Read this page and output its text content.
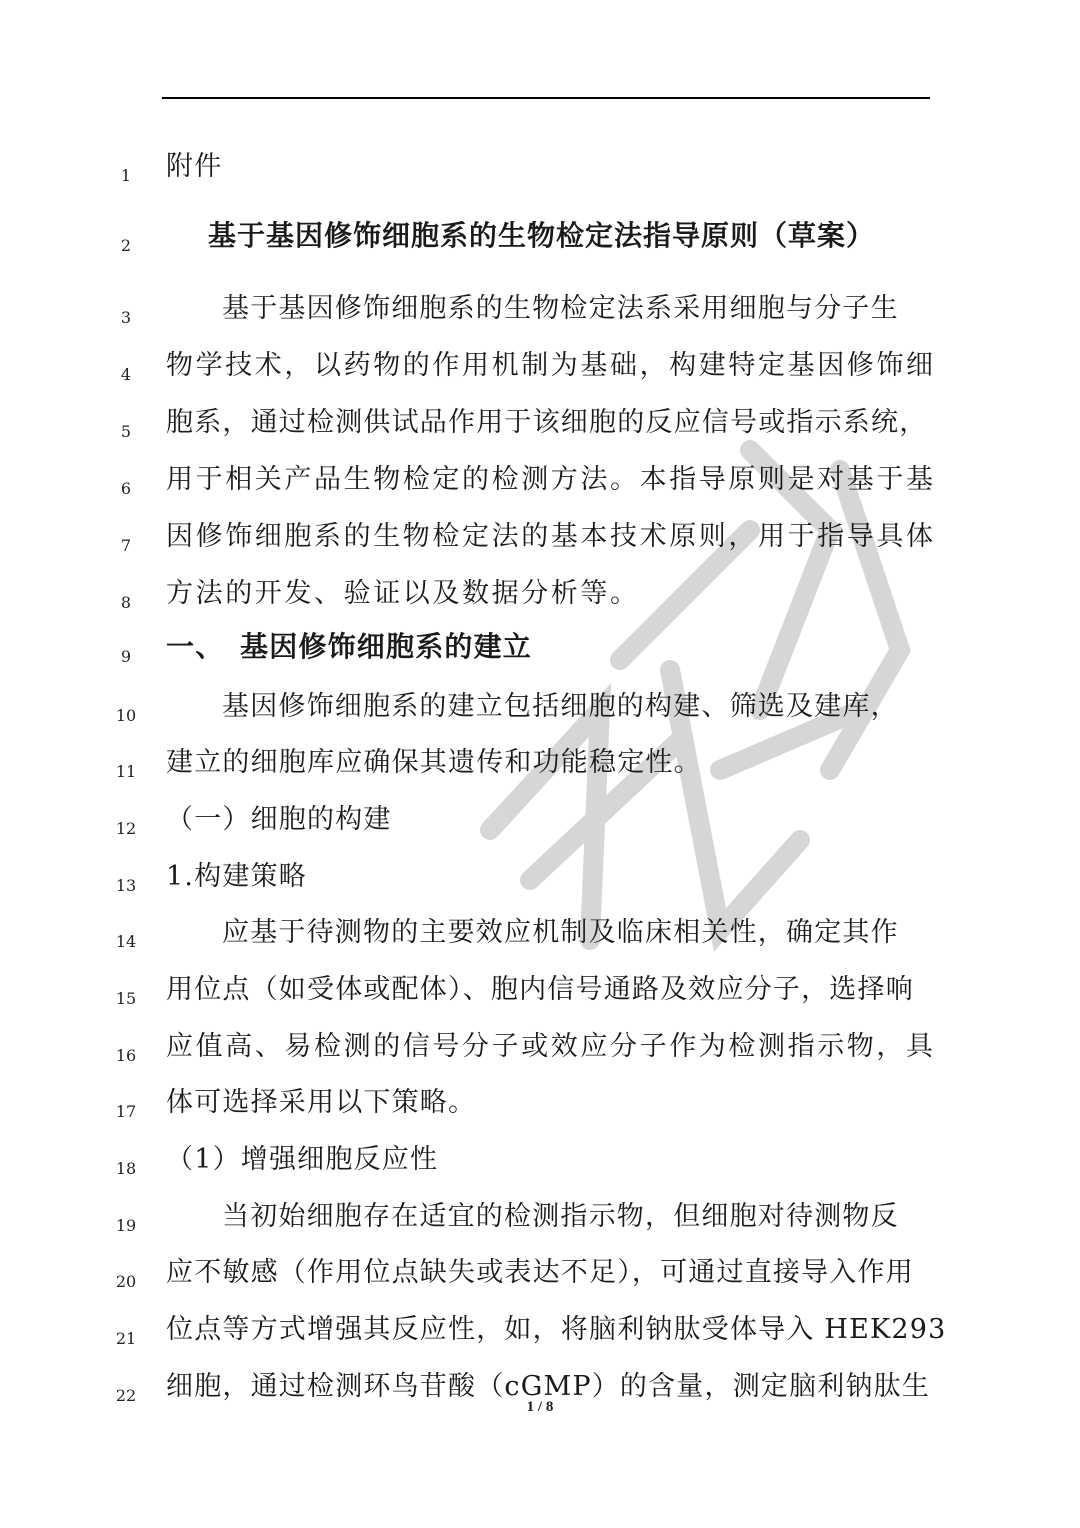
1	附件
2	基于基因修饰细胞系的生物检定法指导原则（草案）
3	基于基因修饰细胞系的生物检定法系采用细胞与分子生
4	物学技术，以药物的作用机制为基础，构建特定基因修饰细
5	胞系，通过检测供试品作用于该细胞的反应信号或指示系统，
6	用于相关产品生物检定的检测方法。本指导原则是对基于基
7	因修饰细胞系的生物检定法的基本技术原则，用于指导具体
8	方法的开发、验证以及数据分析等。
9	一、 基因修饰细胞系的建立
10	基因修饰细胞系的建立包括细胞的构建、筛选及建库，
11	建立的细胞库应确保其遗传和功能稳定性。
12	（一）细胞的构建
13	1.构建策略
14	应基于待测物的主要效应机制及临床相关性，确定其作
15	用位点（如受体或配体）、胞内信号通路及效应分子，选择响
16	应值高、易检测的信号分子或效应分子作为检测指示物，具
17	体可选择采用以下策略。
18	（1）增强细胞反应性
19	当初始细胞存在适宜的检测指示物，但细胞对待测物反
20	应不敏感（作用位点缺失或表达不足），可通过直接导入作用
21	位点等方式增强其反应性，如，将脑利钠肽受体导入 HEK293
22	细胞，通过检测环鸟苷酸（cGMP）的含量，测定脑利钠肽生
1 / 8
